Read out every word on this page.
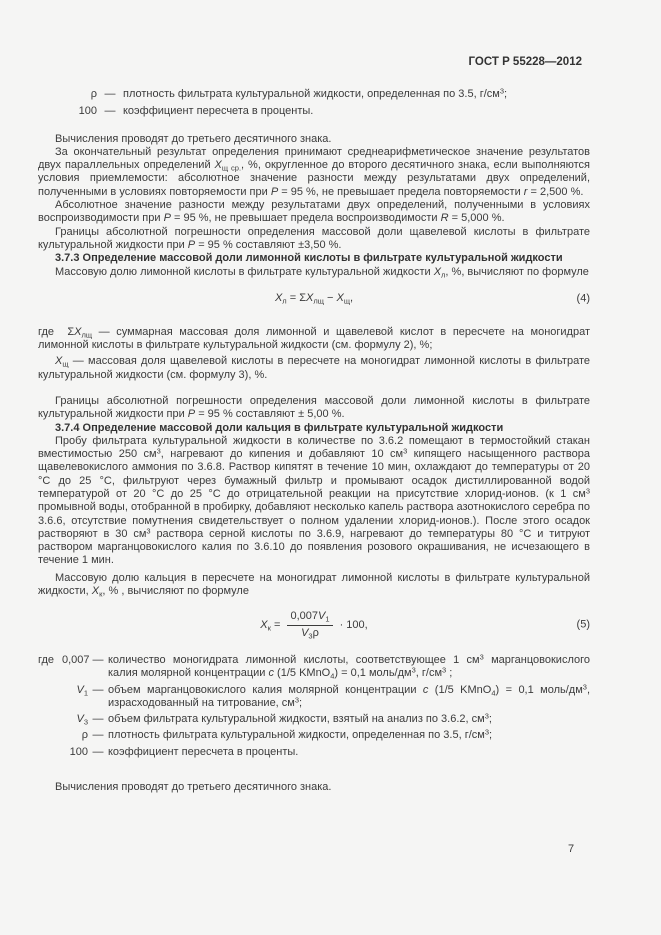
ГОСТ Р 55228—2012
ρ — плотность фильтрата культуральной жидкости, определенная по 3.5, $г/см^3$;
100 — коэффициент пересчета в проценты.

Вычисления проводят до третьего десятичного знака.

За окончательный результат определения принимают среднеарифметическое значение результатов двух параллельных определений $X_{щ ср.}$, %, округленное до второго десятичного знака, если выполняются условия приемлемости: абсолютное значение разности между результатами двух определений, полученными в условиях повторяемости при P = 95 %, не превышает предела повторяемости r = 2,500 %.

Абсолютное значение разности между результатами двух определений, полученными в условиях воспроизводимости при P = 95 %, не превышает предела воспроизводимости R = 5,000 %.

Границы абсолютной погрешности определения массовой доли щавелевой кислоты в фильтрате культуральной жидкости при P = 95 % составляют ±3,50 %.

3.7.3 Определение массовой доли лимонной кислоты в фильтрате культуральной жидкости

Массовую долю лимонной кислоты в фильтрате культуральной жидкости $X_л$, %, вычисляют по формуле

$X_л = \Sigma X_{лщ} - X_щ$,	(4)

где  $\Sigma X_{лщ}$ — суммарная массовая доля лимонной и щавелевой кислот в пересчете на моногидрат лимонной кислоты в фильтрате культуральной жидкости (см. формулу 2), %;

$X_щ$ — массовая доля щавелевой кислоты в пересчете на моногидрат лимонной кислоты в фильтрате культуральной жидкости (см. формулу 3), %.

Границы абсолютной погрешности определения массовой доли лимонной кислоты в фильтрате культуральной жидкости при P = 95 % составляют ± 5,00 %.

3.7.4 Определение массовой доли кальция в фильтрате культуральной жидкости

Пробу фильтрата культуральной жидкости в количестве по 3.6.2 помещают в термостойкий стакан вместимостью 250 $см^3$, нагревают до кипения и добавляют 10 $см^3$ кипящего насыщенного раствора щавелевокислого аммония по 3.6.8. Раствор кипятят в течение 10 мин, охлаждают до температуры от 20 °С до 25 °С, фильтруют через бумажный фильтр и промывают осадок дистиллированной водой температурой от 20 °С до 25 °С до отрицательной реакции на присутствие хлорид-ионов. (к 1 $см^3$ промывной воды, отобранной в пробирку, добавляют несколько капель раствора азотнокислого серебра по 3.6.6, отсутствие помутнения свидетельствует о полном удалении хлорид-ионов.). После этого осадок растворяют в 30 $см^3$ раствора серной кислоты по 3.6.9, нагревают до температуры 80 °С и титруют раствором марганцовокислого калия по 3.6.10 до появления розового окрашивания, не исчезающего в течение 1 мин.

Массовую долю кальция в пересчете на моногидрат лимонной кислоты в фильтрате культуральной жидкости, $X_к$, % , вычисляют по формуле

$X_к = \frac{0,007V_1}{V_3\rho} \cdot 100$,	(5)
где 0,007 — количество моногидрата лимонной кислоты, соответствующее 1 $см^3$ марганцовокислого калия молярной концентрации c (1/5 KMnO$_4$) = 0,1 моль/$дм^3$, $г/см^3$ ;
$V_1$ — объем марганцовокислого калия молярной концентрации c (1/5 KMnO$_4$) = 0,1 моль/$дм^3$, израсходованный на титрование, $см^3$;
$V_3$ — объем фильтрата культуральной жидкости, взятый на анализ по 3.6.2, $см^3$;
ρ — плотность фильтрата культуральной жидкости, определенная по 3.5, $г/см^3$;
100 — коэффициент пересчета в проценты.

Вычисления проводят до третьего десятичного знака.

7
